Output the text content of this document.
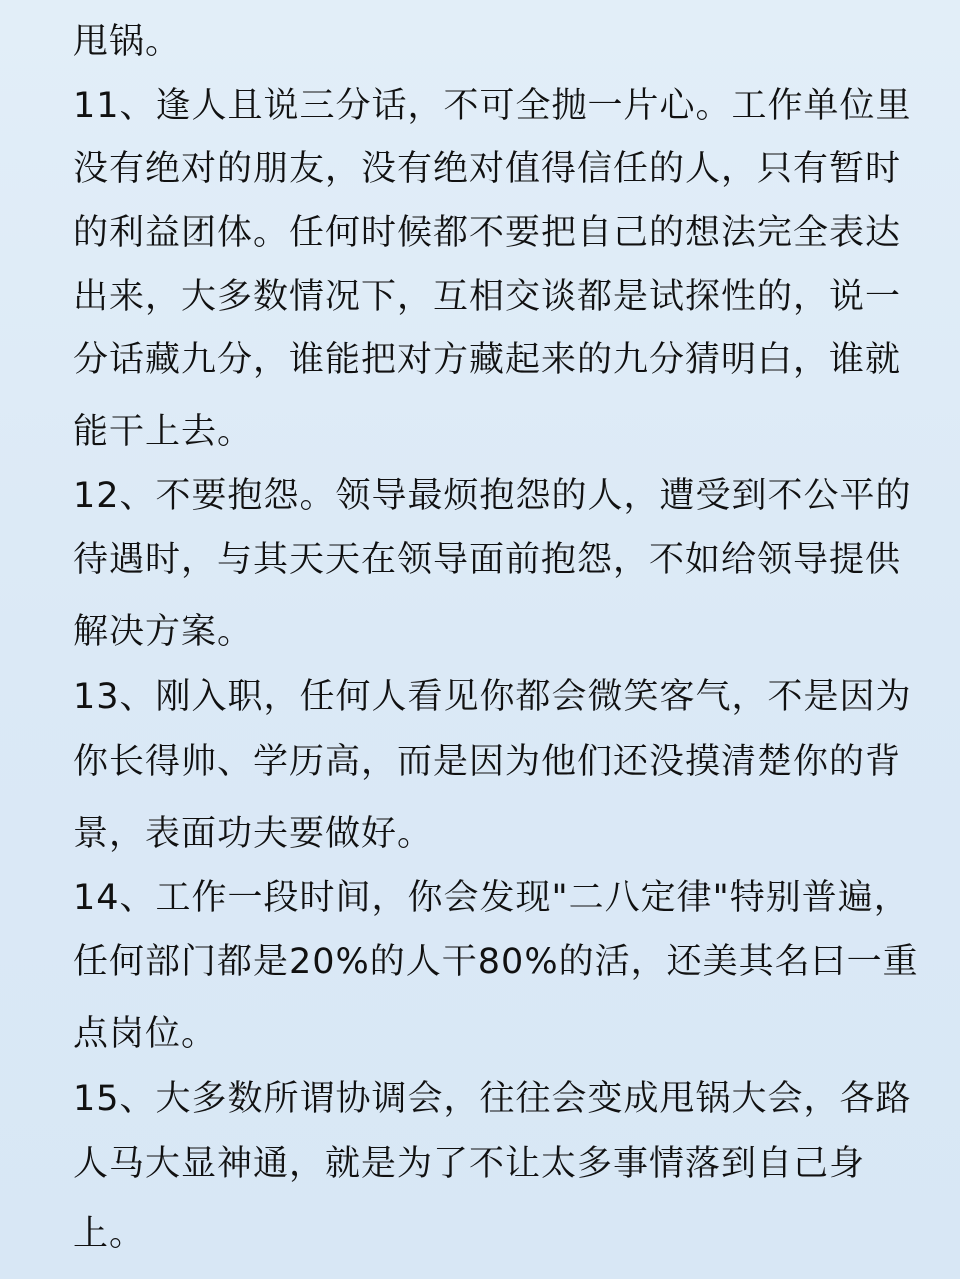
甩锅。
11、逢人且说三分话，不可全抛一片心。工作单位里
没有绝对的朋友，没有绝对值得信任的人，只有暂时
的利益团体。任何时候都不要把自己的想法完全表达
出来，大多数情况下，互相交谈都是试探性的，说一
分话藏九分，谁能把对方藏起来的九分猜明白，谁就
能干上去。
12、不要抱怨。领导最烦抱怨的人，遭受到不公平的
待遇时，与其天天在领导面前抱怨，不如给领导提供
解决方案。
13、刚入职，任何人看见你都会微笑客气，不是因为
你长得帅、学历高，而是因为他们还没摸清楚你的背
景，表面功夫要做好。
14、工作一段时间，你会发现"二八定律"特别普遍，
任何部门都是20%的人干80%的活，还美其名曰一重
点岗位。
15、大多数所谓协调会，往往会变成甩锅大会，各路
人马大显神通，就是为了不让太多事情落到自己身
上。
